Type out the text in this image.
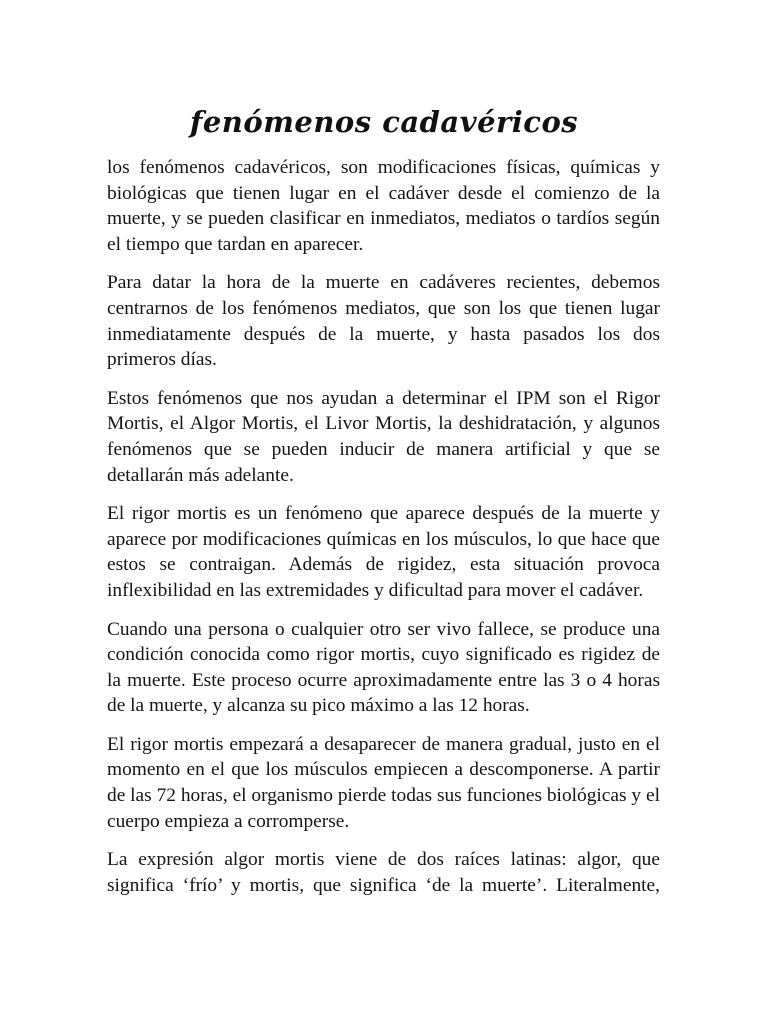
fenómenos cadavéricos

los fenómenos cadavéricos, son modificaciones físicas, químicas y biológicas que tienen lugar en el cadáver desde el comienzo de la muerte, y se pueden clasificar en inmediatos, mediatos o tardíos según el tiempo que tardan en aparecer.

Para datar la hora de la muerte en cadáveres recientes, debemos centrarnos de los fenómenos mediatos, que son los que tienen lugar inmediatamente después de la muerte, y hasta pasados los dos primeros días.

Estos fenómenos que nos ayudan a determinar el IPM son el Rigor Mortis, el Algor Mortis, el Livor Mortis, la deshidratación, y algunos fenómenos que se pueden inducir de manera artificial y que se detallarán más adelante.

El rigor mortis es un fenómeno que aparece después de la muerte y aparece por modificaciones químicas en los músculos, lo que hace que estos se contraigan. Además de rigidez, esta situación provoca inflexibilidad en las extremidades y dificultad para mover el cadáver.

Cuando una persona o cualquier otro ser vivo fallece, se produce una condición conocida como rigor mortis, cuyo significado es rigidez de la muerte. Este proceso ocurre aproximadamente entre las 3 o 4 horas de la muerte, y alcanza su pico máximo a las 12 horas.

El rigor mortis empezará a desaparecer de manera gradual, justo en el momento en el que los músculos empiecen a descomponerse. A partir de las 72 horas, el organismo pierde todas sus funciones biológicas y el cuerpo empieza a corromperse.

La expresión algor mortis viene de dos raíces latinas: algor, que significa ‘frío’ y mortis, que significa ‘de la muerte’. Literalmente,
